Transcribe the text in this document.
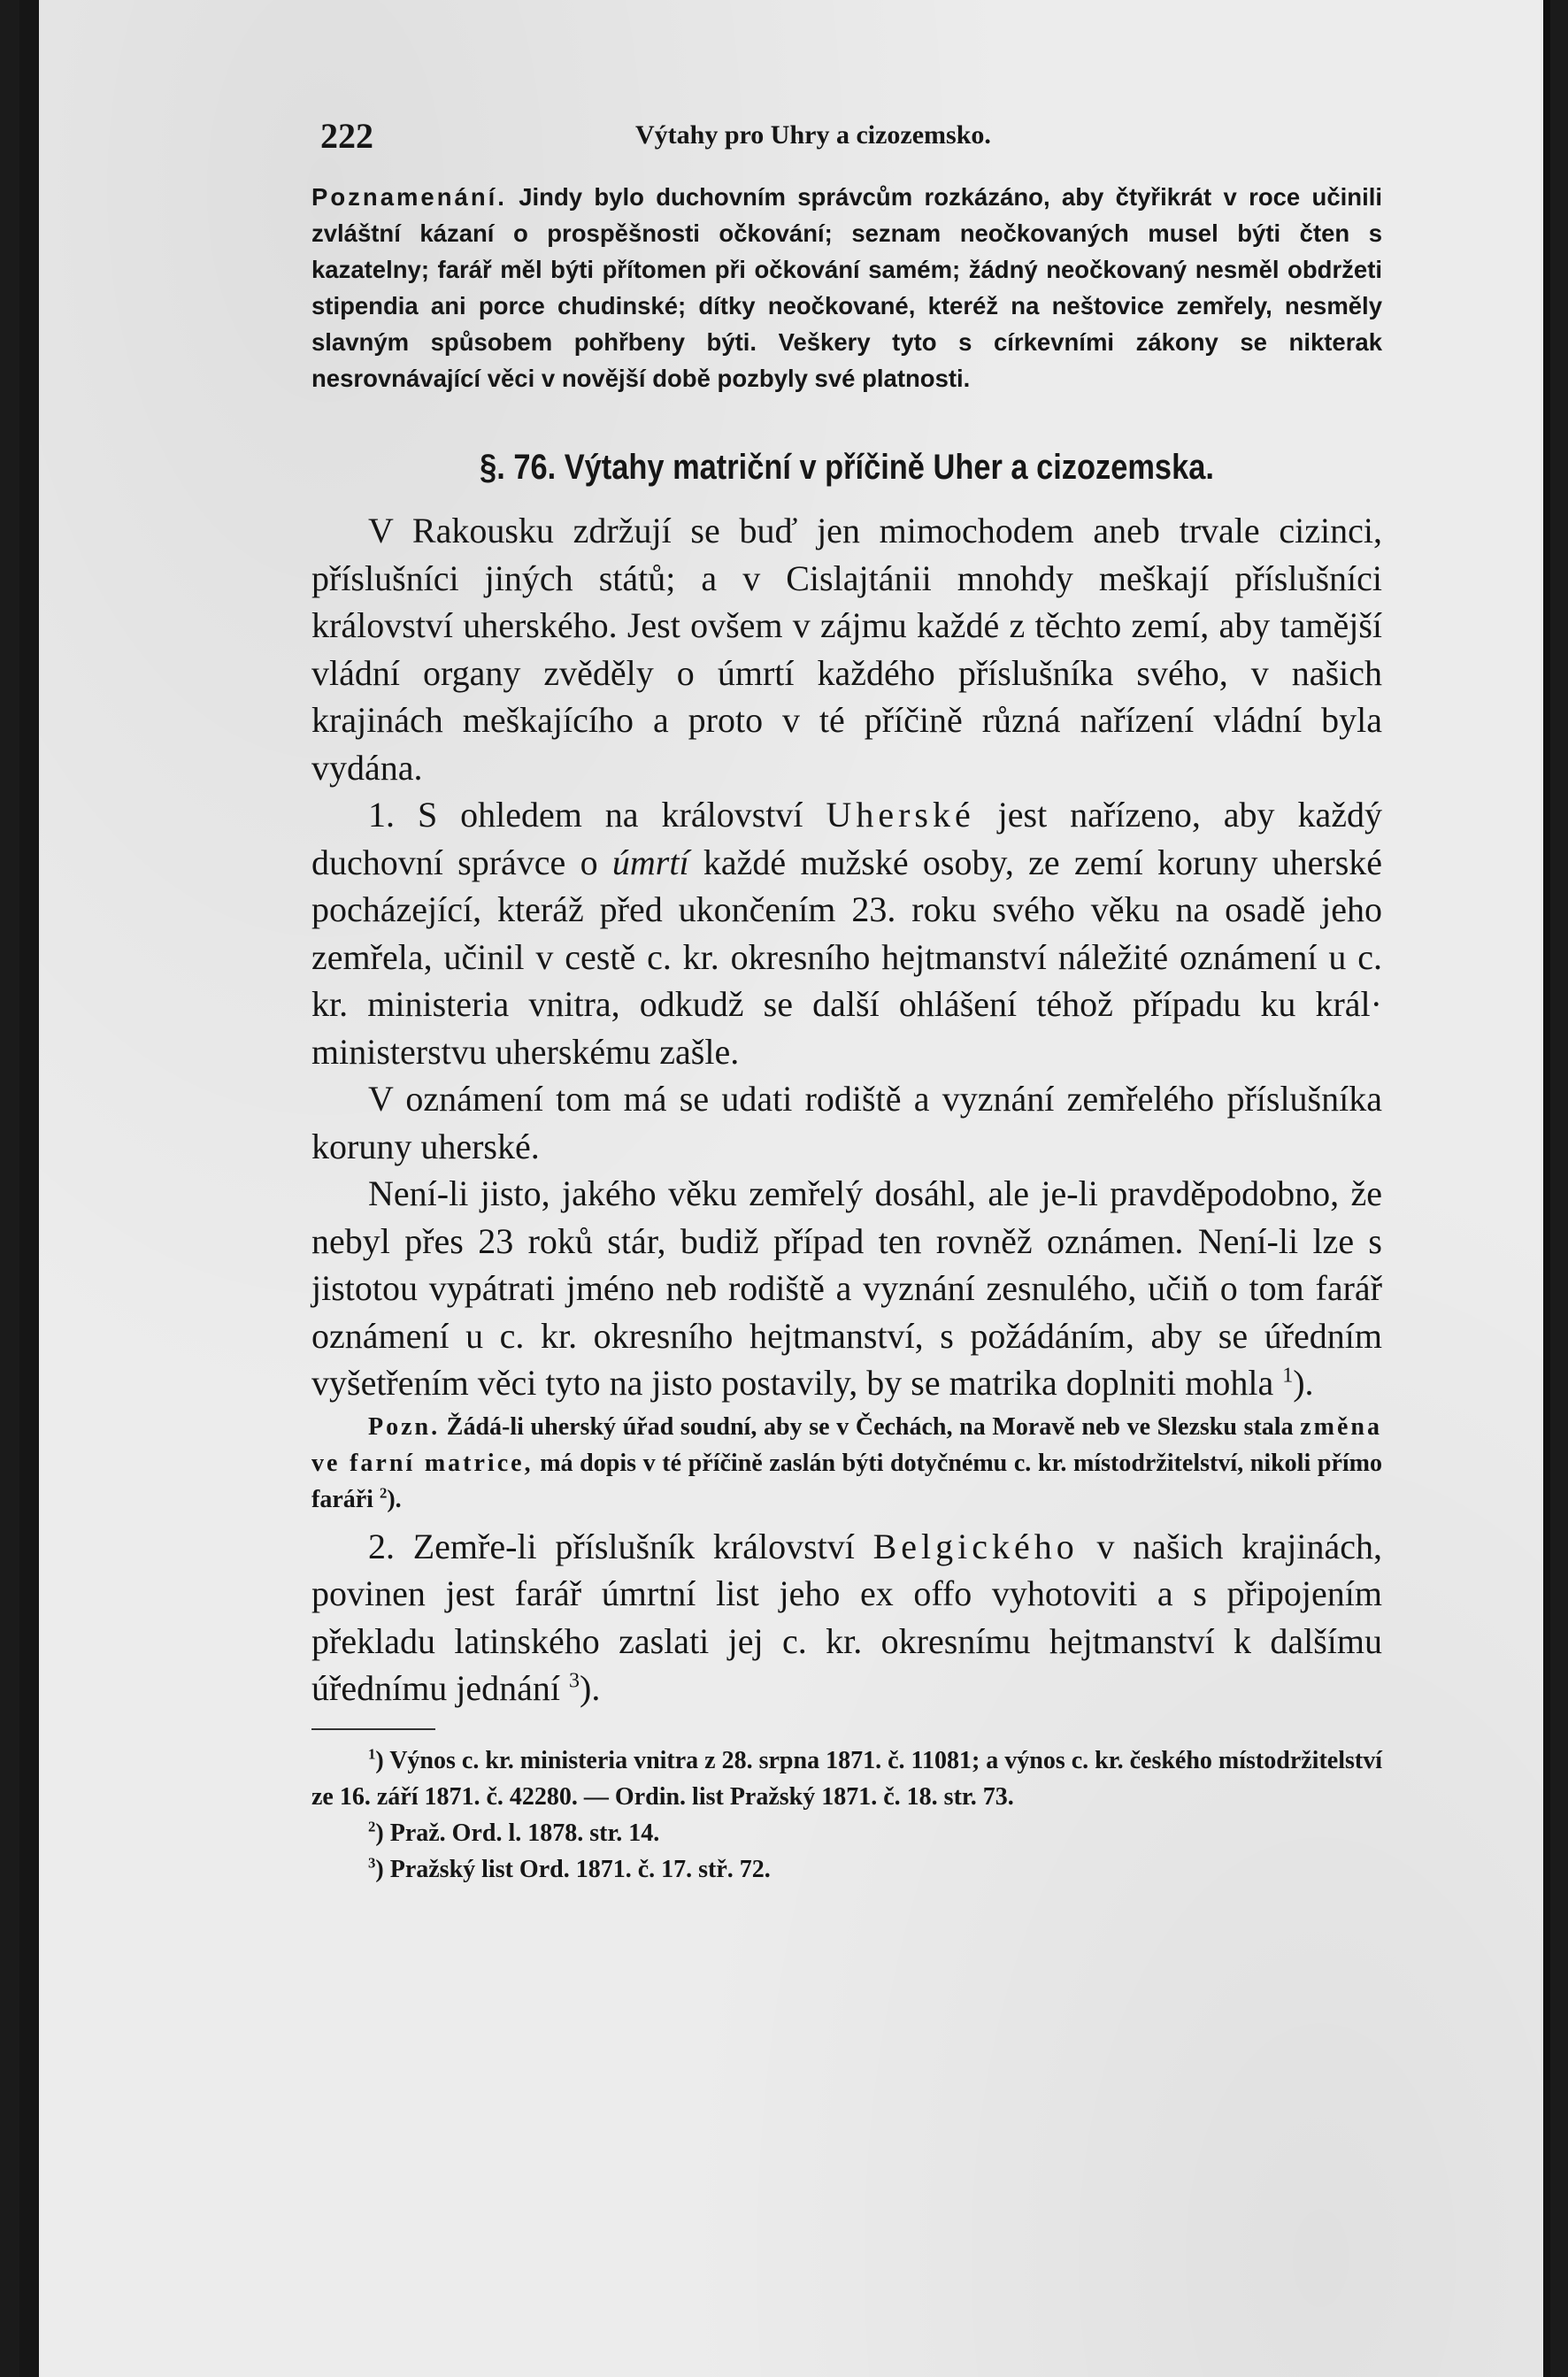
222	Výtahy pro Uhry a cizozemsko.
Poznamenání. Jindy bylo duchovním správcům rozkázáno, aby čtyřikrát v roce učinili zvláštní kázaní o prospěšnosti očkování; seznam neočkovaných musel býti čten s kazatelny; farář měl býti přítomen při očkování samém; žádný neočkovaný nesměl obdržeti stipendia ani porce chudinské; dítky neočkované, kteréž na neštovice zemřely, nesměly slavným spůsobem pohřbeny býti. Veškery tyto s církevními zákony se nikterak nesrovnávající věci v novější době pozbyly své platnosti.
§. 76. Výtahy matriční v příčině Uher a cizozemska.

V Rakousku zdržují se buď jen mimochodem aneb trvale cizinci, příslušníci jiných států; a v Cislajtánii mnohdy meškají příslušníci království uherského. Jest ovšem v zájmu každé z těchto zemí, aby tamější vládní organy zvěděly o úmrtí každého příslušníka svého, v našich krajinách meškajícího a proto v té příčině různá nařízení vládní byla vydána.

1. S ohledem na království Uherské jest nařízeno, aby každý duchovní správce o úmrtí každé mužské osoby, ze zemí koruny uherské pocházející, kteráž před ukončením 23. roku svého věku na osadě jeho zemřela, učinil v cestě c. kr. okresního hejtmanství náležité oznámení u c. kr. ministeria vnitra, odkudž se další ohlášení téhož případu ku král· ministerstvu uherskému zašle.

V oznámení tom má se udati rodiště a vyznání zemřelého příslušníka koruny uherské.

Není-li jisto, jakého věku zemřelý dosáhl, ale je-li pravděpodobno, že nebyl přes 23 roků stár, budiž případ ten rovněž oznámen. Není-li lze s jistotou vypátrati jméno neb rodiště a vyznání zesnulého, učiň o tom farář oznámení u c. kr. okresního hejtmanství, s požádáním, aby se úředním vyšetřením věci tyto na jisto postavily, by se matrika doplniti mohla $^1$).

Pozn. Žádá-li uherský úřad soudní, aby se v Čechách, na Moravě neb ve Slezsku stala změna ve farní matrice, má dopis v té příčině zaslán býti dotyčnému c. kr. místodržitelství, nikoli přímo faráři $^2$).

2. Zemře-li příslušník království Belgického v našich krajinách, povinen jest farář úmrtní list jeho ex offo vyhotoviti a s připojením překladu latinského zaslati jej c. kr. okresnímu hejtmanství k dalšímu úřednímu jednání $^3$).

$^1$) Výnos c. kr. ministeria vnitra z 28. srpna 1871. č. 11081; a výnos c. kr. českého místodržitelství ze 16. září 1871. č. 42280. — Ordin. list Pražský 1871. č. 18. str. 73.
$^2$) Praž. Ord. l. 1878. str. 14.
$^3$) Pražský list Ord. 1871. č. 17. stř. 72.
